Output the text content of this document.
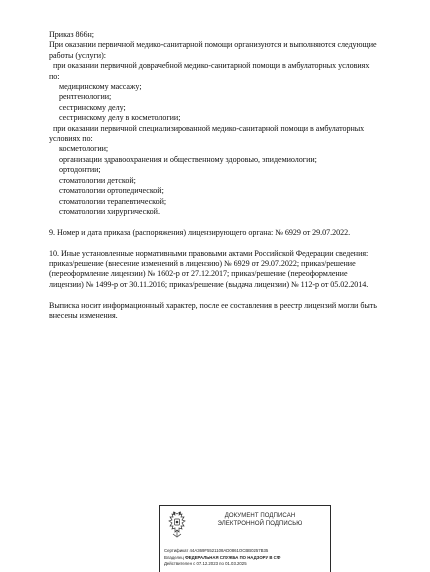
Приказ 866н;
При оказании первичной медико-санитарной помощи организуются и выполняются следующие
работы (услуги):
при оказании первичной доврачебной медико-санитарной помощи в амбулаторных условиях
по:
медицинскому массажу;
рентгенологии;
сестринскому делу;
сестринскому делу в косметологии;
при оказании первичной специализированной медико-санитарной помощи в амбулаторных
условиях по:
косметологии;
организации здравоохранения и общественному здоровью, эпидемиологии;
ортодонтии;
стоматологии детской;
стоматологии ортопедической;
стоматологии терапевтической;
стоматологии хирургической.
9. Номер и дата приказа (распоряжения) лицензирующего органа: № 6929 от 29.07.2022.
10. Иные установленные нормативными правовыми актами Российской Федерации сведения:
приказ/решение (внесение изменений в лицензию) № 6929 от 29.07.2022; приказ/решение
(переоформление лицензии) № 1602-р от 27.12.2017; приказ/решение (переоформление
лицензии) № 1499-р от 30.11.2016; приказ/решение (выдача лицензии) № 112-р от 05.02.2014.
Выписка носит информационный характер, после ее составления в реестр лицензий могли быть
внесены изменения.
ДОКУМЕНТ ПОДПИСАН
ЭЛЕКТРОННОЙ ПОДПИСЬЮ
Сертификат 44A369F5521108AD0861ОCBB0257B35
Владелец ФЕДЕРАЛЬНАЯ СЛУЖБА ПО НАДЗОРУ В СФ
Действителен с 07.12.2023 по 01.03.2025
